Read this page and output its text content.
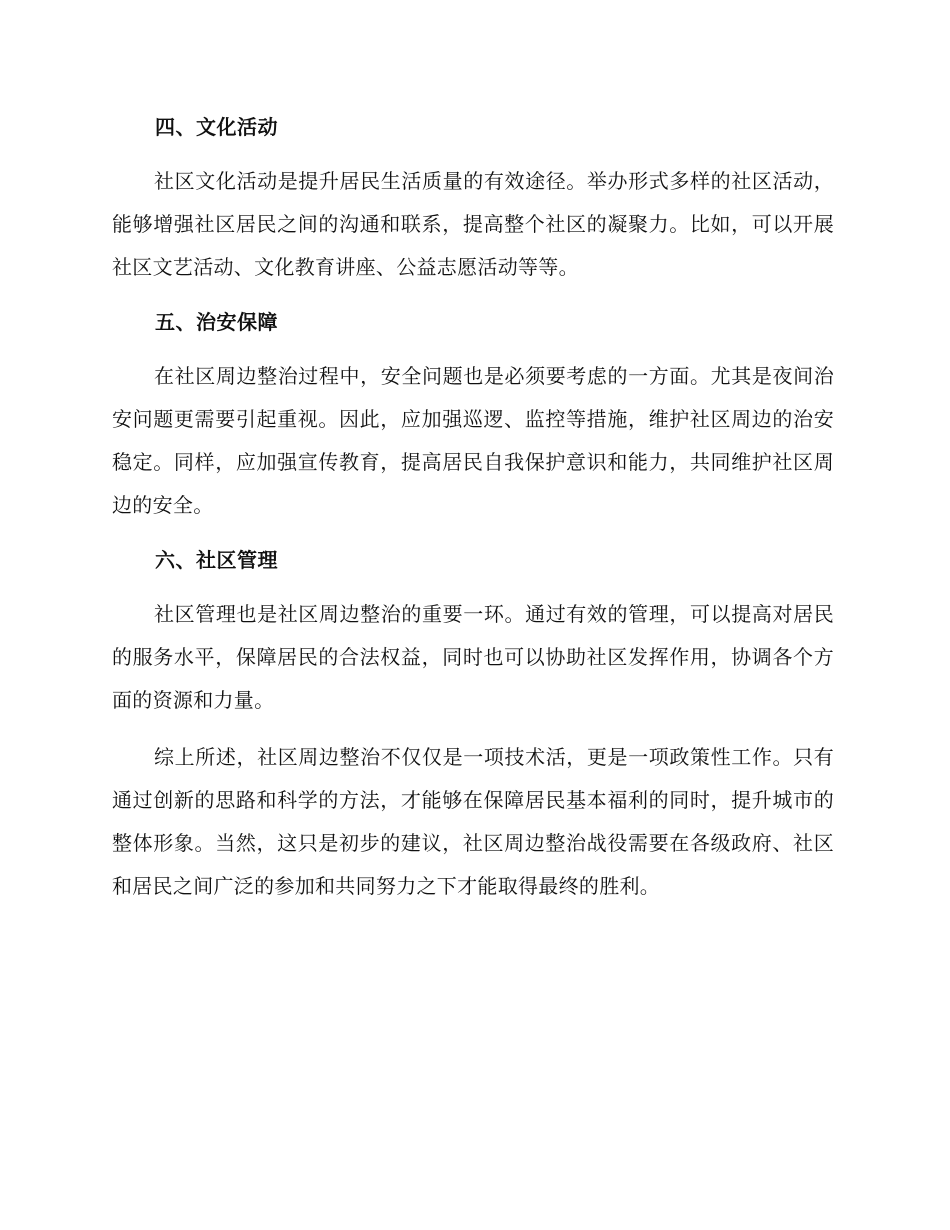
四、文化活动

社区文化活动是提升居民生活质量的有效途径。举办形式多样的社区活动，能够增强社区居民之间的沟通和联系，提高整个社区的凝聚力。比如，可以开展社区文艺活动、文化教育讲座、公益志愿活动等等。

五、治安保障

在社区周边整治过程中，安全问题也是必须要考虑的一方面。尤其是夜间治安问题更需要引起重视。因此，应加强巡逻、监控等措施，维护社区周边的治安稳定。同样，应加强宣传教育，提高居民自我保护意识和能力，共同维护社区周边的安全。

六、社区管理

社区管理也是社区周边整治的重要一环。通过有效的管理，可以提高对居民的服务水平，保障居民的合法权益，同时也可以协助社区发挥作用，协调各个方面的资源和力量。

综上所述，社区周边整治不仅仅是一项技术活，更是一项政策性工作。只有通过创新的思路和科学的方法，才能够在保障居民基本福利的同时，提升城市的整体形象。当然，这只是初步的建议，社区周边整治战役需要在各级政府、社区和居民之间广泛的参加和共同努力之下才能取得最终的胜利。
